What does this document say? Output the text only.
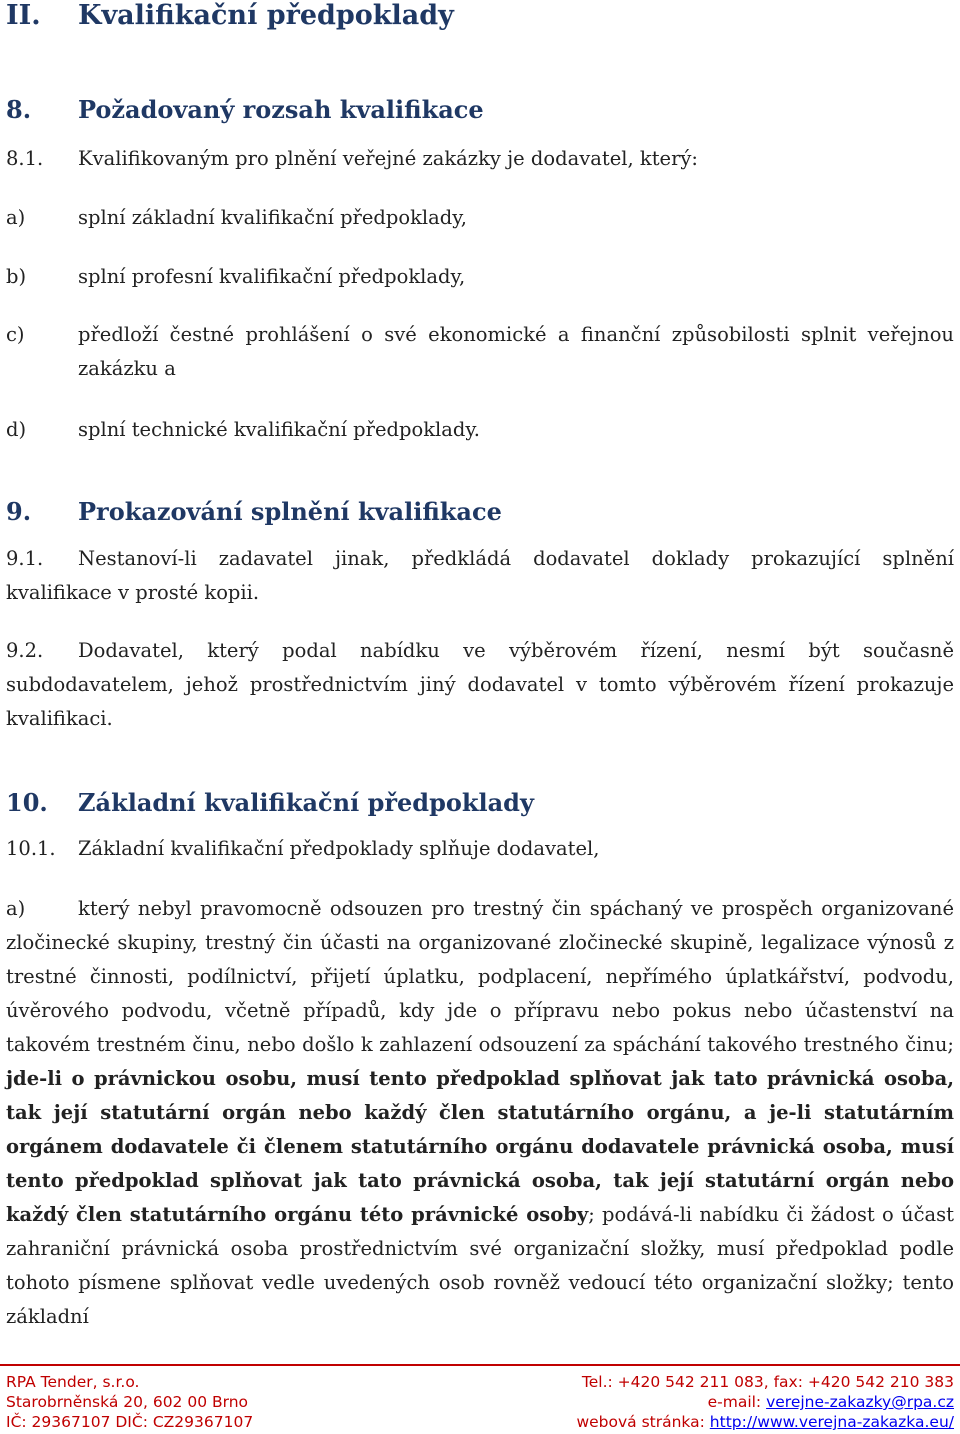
II. Kvalifikační předpoklady
8. Požadovaný rozsah kvalifikace
8.1. Kvalifikovaným pro plnění veřejné zakázky je dodavatel, který:
a)	splní základní kvalifikační předpoklady,
b)	splní profesní kvalifikační předpoklady,
c)	předloží čestné prohlášení o své ekonomické a finanční způsobilosti splnit veřejnou zakázku a
d)	splní technické kvalifikační předpoklady.
9. Prokazování splnění kvalifikace
9.1. Nestanoví-li zadavatel jinak, předkládá dodavatel doklady prokazující splnění kvalifikace v prosté kopii.
9.2. Dodavatel, který podal nabídku ve výběrovém řízení, nesmí být současně subdodavatelem, jehož prostřednictvím jiný dodavatel v tomto výběrovém řízení prokazuje kvalifikaci.
10. Základní kvalifikační předpoklady
10.1. Základní kvalifikační předpoklady splňuje dodavatel,
a)	který nebyl pravomocně odsouzen pro trestný čin spáchaný ve prospěch organizované zločinecké skupiny, trestný čin účasti na organizované zločinecké skupině, legalizace výnosů z trestné činnosti, podílnictví, přijetí úplatku, podplacení, nepřímého úplatkářství, podvodu, úvěrového podvodu, včetně případů, kdy jde o přípravu nebo pokus nebo účastenství na takovém trestném činu, nebo došlo k zahlazení odsouzení za spáchání takového trestného činu; jde-li o právnickou osobu, musí tento předpoklad splňovat jak tato právnická osoba, tak její statutární orgán nebo každý člen statutárního orgánu, a je-li statutárním orgánem dodavatele či členem statutárního orgánu dodavatele právnická osoba, musí tento předpoklad splňovat jak tato právnická osoba, tak její statutární orgán nebo každý člen statutárního orgánu této právnické osoby; podává-li nabídku či žádost o účast zahraniční právnická osoba prostřednictvím své organizační složky, musí předpoklad podle tohoto písmene splňovat vedle uvedených osob rovněž vedoucí této organizační složky; tento základní
RPA Tender, s.r.o.
Starobrněnská 20, 602 00 Brno
IČ: 29367107 DIČ: CZ29367107
Tel.: +420 542 211 083, fax: +420 542 210 383
e-mail: verejne-zakazky@rpa.cz
webová stránka: http://www.verejna-zakazka.eu/
